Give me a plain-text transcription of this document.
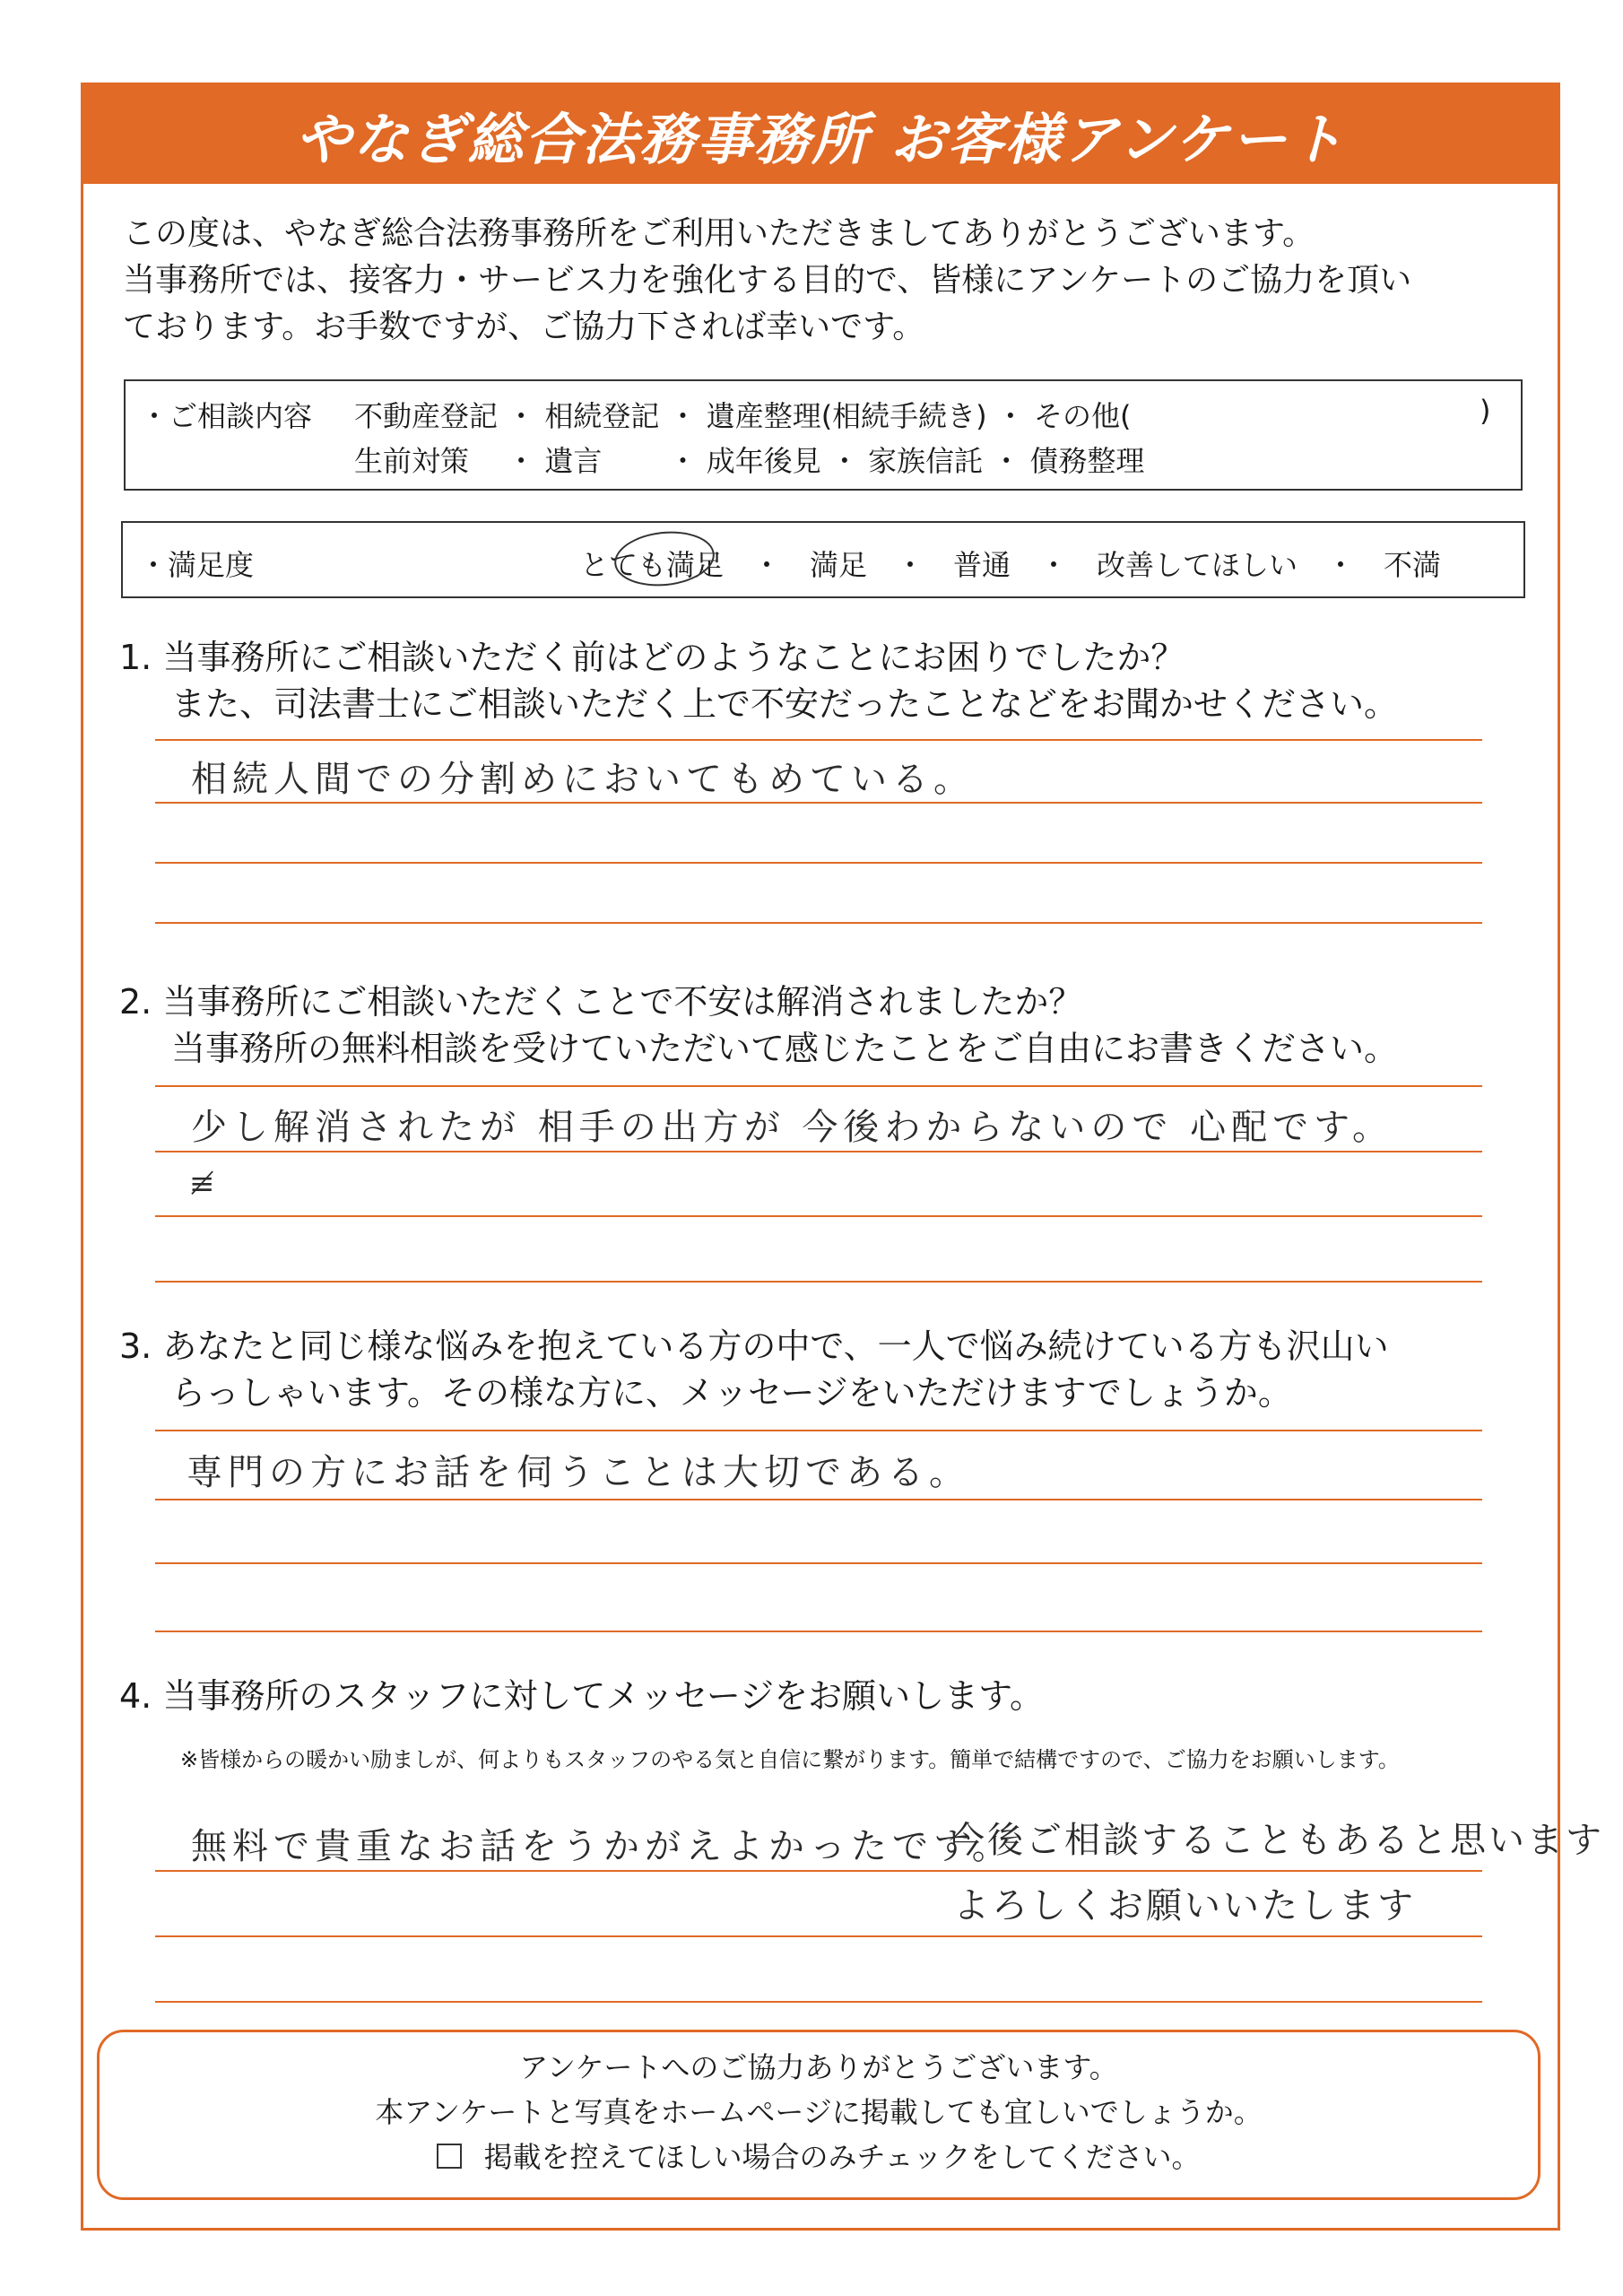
やなぎ総合法務事務所 お客様アンケート
この度は、やなぎ総合法務事務所をご利用いただきましてありがとうございます。
当事務所では、接客力・サービス力を強化する目的で、皆様にアンケートのご協力を頂い
ております。お手数ですが、ご協力下されば幸いです。
・ご相談内容 不動産登記 ・ 相続登記 ・ 遺産整理(相続手続き) ・ その他(	)
生前対策　 ・ 遺言　　 ・ 成年後見 ・ 家族信託 ・ 債務整理
・満足度	とても満足　・　満足　・　普通　・　改善してほしい　・　不満
1. 当事務所にご相談いただく前はどのようなことにお困りでしたか？
また、司法書士にご相談いただく上で不安だったことなどをお聞かせください。
相続人間での分割めにおいてもめている。
2. 当事務所にご相談いただくことで不安は解消されましたか？
当事務所の無料相談を受けていただいて感じたことをご自由にお書きください。
少し解消されたが 相手の出方が 今後わからないので 心配です。
≢
3. あなたと同じ様な悩みを抱えている方の中で、一人で悩み続けている方も沢山い
らっしゃいます。その様な方に、メッセージをいただけますでしょうか。
専門の方にお話を伺うことは大切である。
4. 当事務所のスタッフに対してメッセージをお願いします。
※皆様からの暖かい励ましが、何よりもスタッフのやる気と自信に繋がります。簡単で結構ですので、ご協力をお願いします。
無料で貴重なお話をうかがえよかったです。
今後ご相談することもあると思います
よろしくお願いいたします
アンケートへのご協力ありがとうございます。
本アンケートと写真をホームページに掲載しても宜しいでしょうか。
掲載を控えてほしい場合のみチェックをしてください。
